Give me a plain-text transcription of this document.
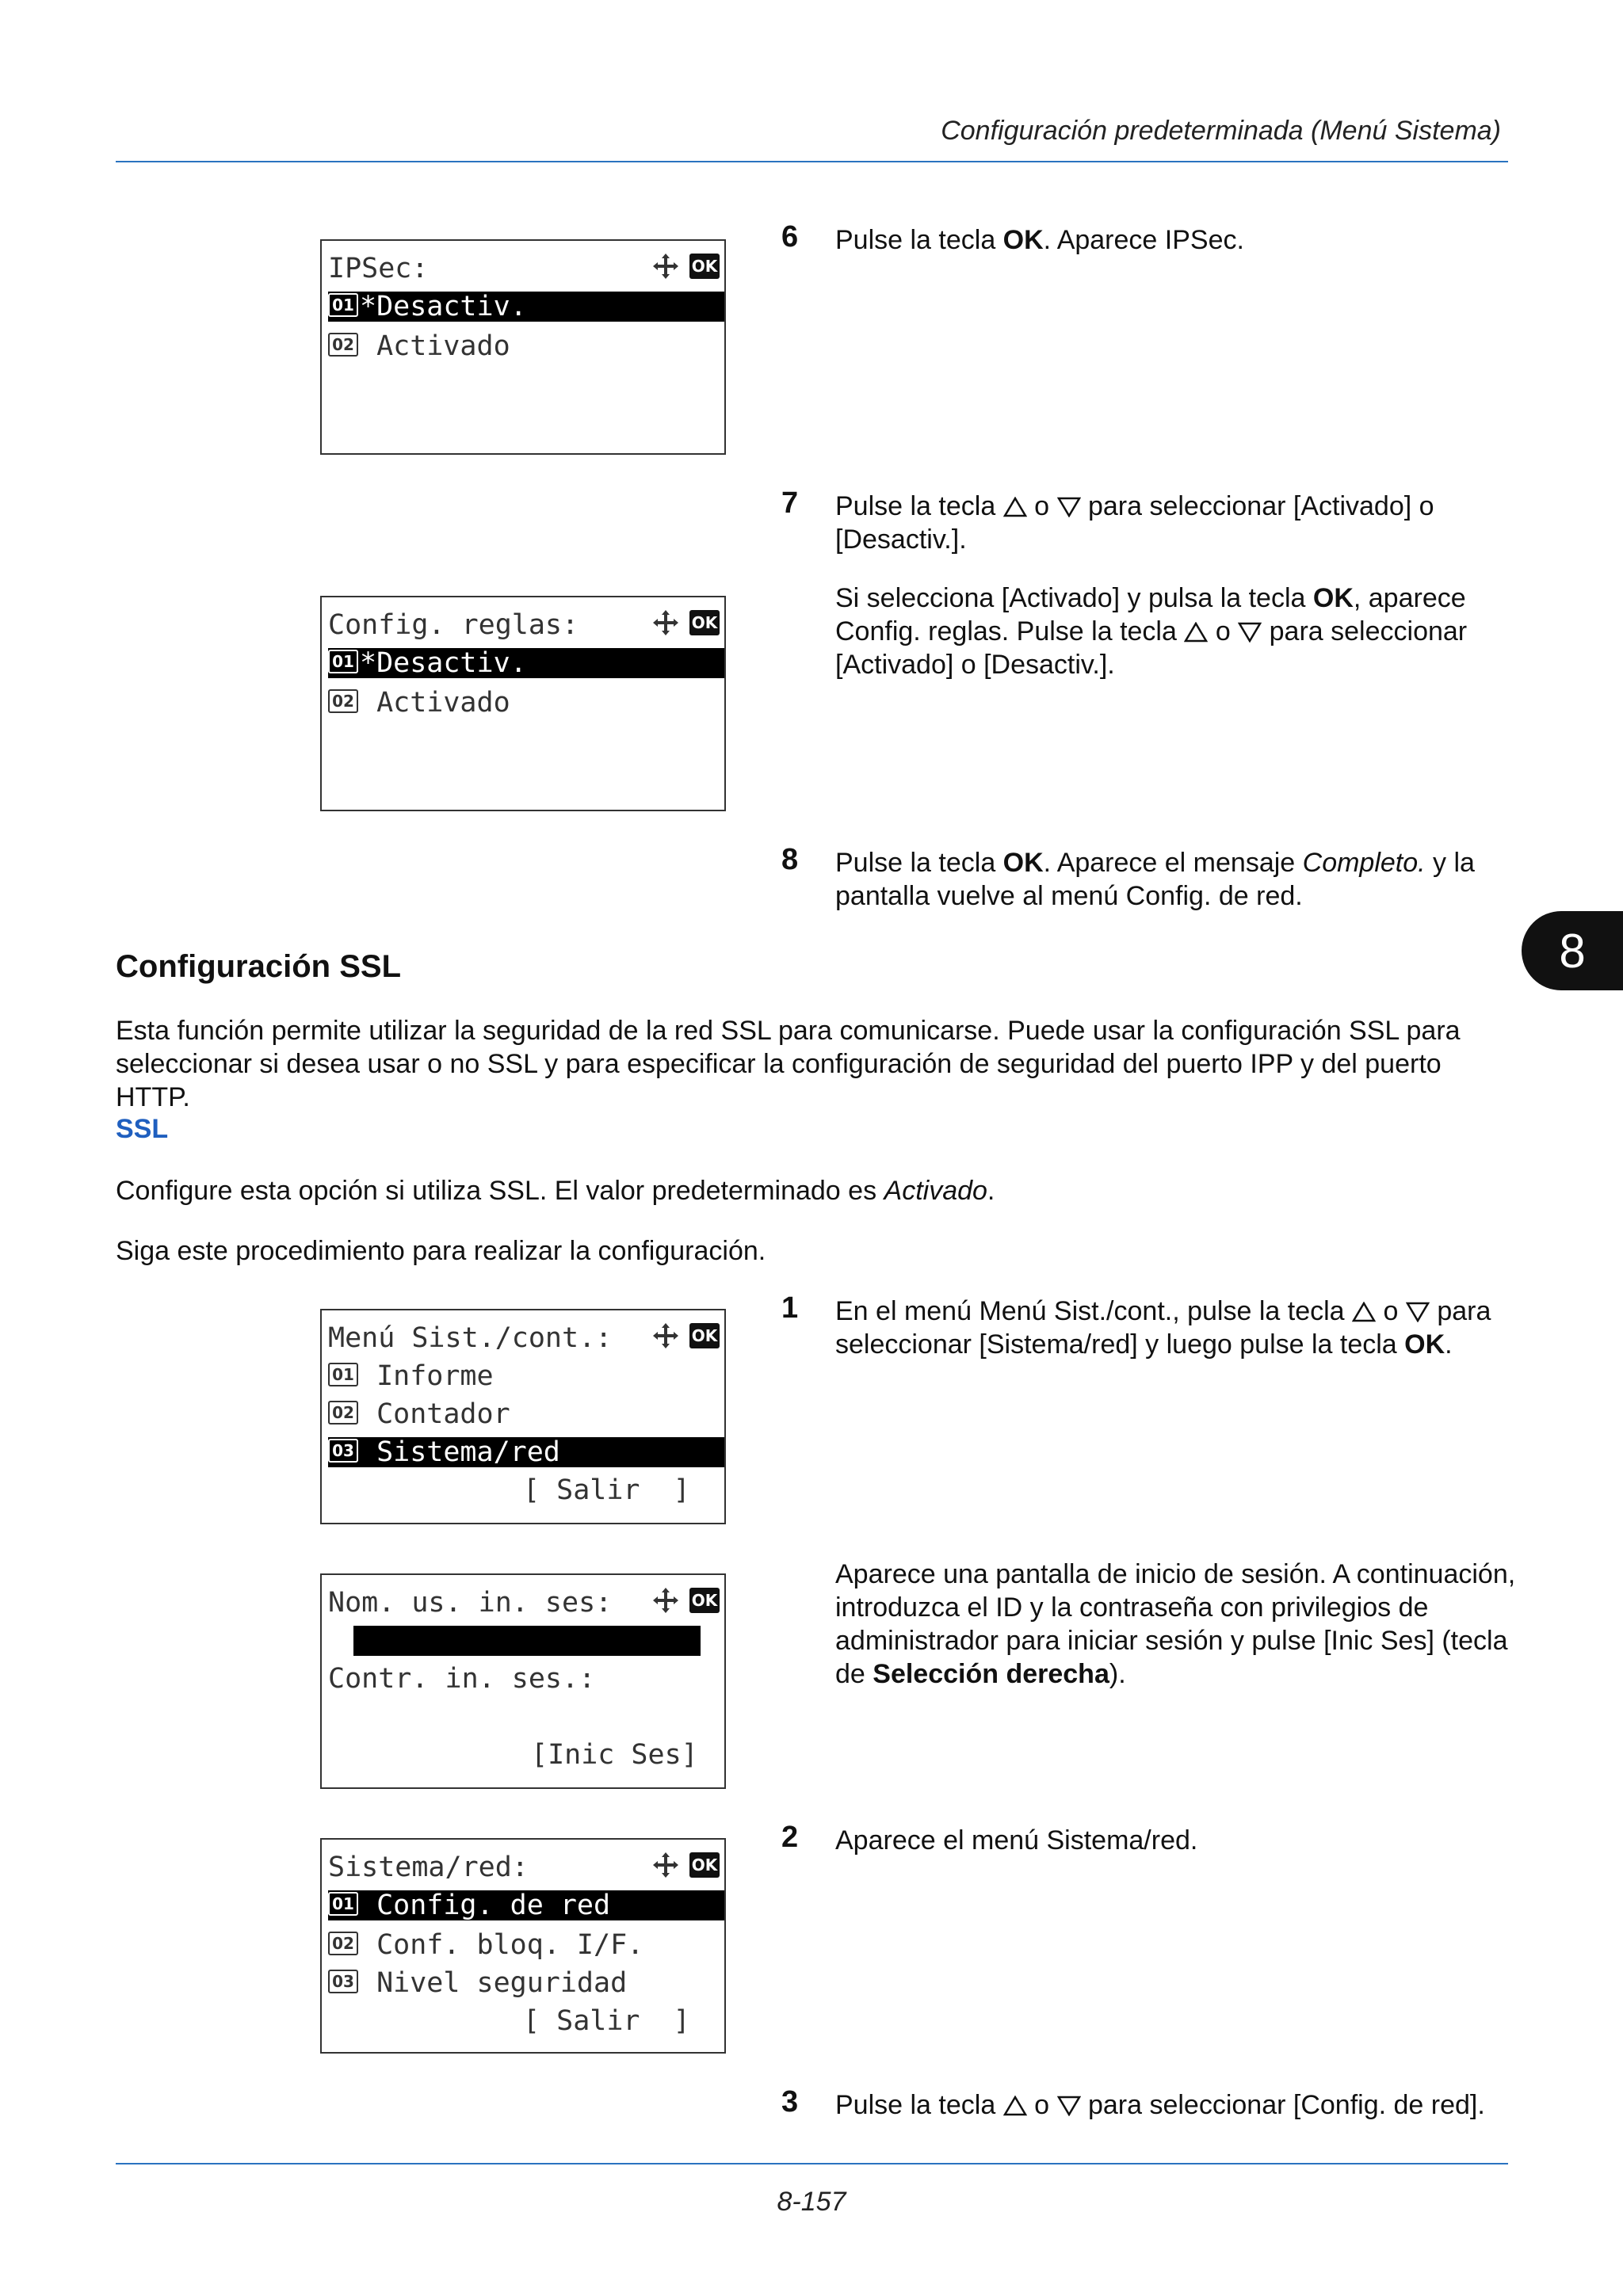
Configuración predeterminada (Menú Sistema)
8
IPSec:	OK
01 *Desactiv.
02 Activado
6 Pulse la tecla OK. Aparece IPSec.
7 Pulse la tecla o para seleccionar [Activado] o [Desactiv.].
Si selecciona [Activado] y pulsa la tecla OK, aparece Config. reglas. Pulse la tecla o para seleccionar [Activado] o [Desactiv.].
Config. reglas:	OK
01 *Desactiv.
02 Activado
8 Pulse la tecla OK. Aparece el mensaje Completo. y la pantalla vuelve al menú Config. de red.
Configuración SSL
Esta función permite utilizar la seguridad de la red SSL para comunicarse. Puede usar la configuración SSL para seleccionar si desea usar o no SSL y para especificar la configuración de seguridad del puerto IPP y del puerto HTTP.
SSL
Configure esta opción si utiliza SSL. El valor predeterminado es Activado.
Siga este procedimiento para realizar la configuración.
Menú Sist./cont.:	OK
01 Informe
02 Contador
03 Sistema/red
[ Salir  ]
1 En el menú Menú Sist./cont., pulse la tecla o para seleccionar [Sistema/red] y luego pulse la tecla OK.
Nom. us. in. ses:	OK
Contr. in. ses.:
[Inic Ses]
Aparece una pantalla de inicio de sesión. A continuación, introduzca el ID y la contraseña con privilegios de administrador para iniciar sesión y pulse [Inic Ses] (tecla de Selección derecha).
Sistema/red:	OK
01 Config. de red
02 Conf. bloq. I/F.
03 Nivel seguridad
[ Salir  ]
2 Aparece el menú Sistema/red.
3 Pulse la tecla o para seleccionar [Config. de red].
8-157
